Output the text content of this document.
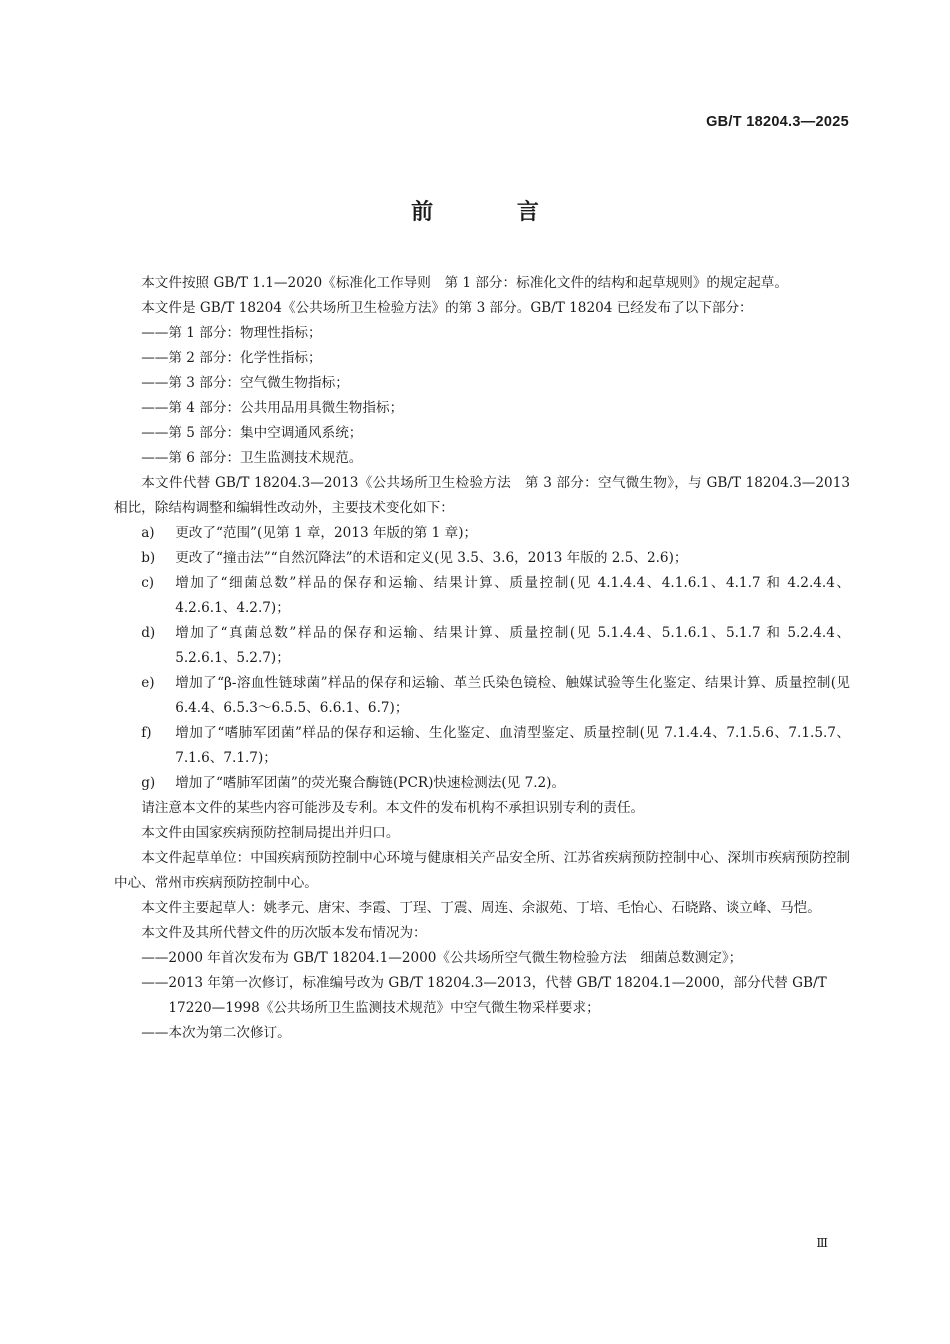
GB/T 18204.3—2025
前 言

本文件按照 GB/T 1.1—2020《标准化工作导则　第 1 部分：标准化文件的结构和起草规则》的规定起草。

本文件是 GB/T 18204《公共场所卫生检验方法》的第 3 部分。GB/T 18204 已经发布了以下部分：

——第 1 部分：物理性指标；

——第 2 部分：化学性指标；

——第 3 部分：空气微生物指标；

——第 4 部分：公共用品用具微生物指标；

——第 5 部分：集中空调通风系统；

——第 6 部分：卫生监测技术规范。

本文件代替 GB/T 18204.3—2013《公共场所卫生检验方法　第 3 部分：空气微生物》，与 GB/T 18204.3—2013 相比，除结构调整和编辑性改动外，主要技术变化如下：

a)	更改了“范围”(见第 1 章，2013 年版的第 1 章)；
b)	更改了“撞击法”“自然沉降法”的术语和定义(见 3.5、3.6，2013 年版的 2.5、2.6)；
c)	增加了“细菌总数”样品的保存和运输、结果计算、质量控制(见 4.1.4.4、4.1.6.1、4.1.7 和 4.2.4.4、4.2.6.1、4.2.7)；
d)	增加了“真菌总数”样品的保存和运输、结果计算、质量控制(见 5.1.4.4、5.1.6.1、5.1.7 和 5.2.4.4、5.2.6.1、5.2.7)；
e)	增加了“β-溶血性链球菌”样品的保存和运输、革兰氏染色镜检、触媒试验等生化鉴定、结果计算、质量控制(见 6.4.4、6.5.3～6.5.5、6.6.1、6.7)；
f)	增加了“嗜肺军团菌”样品的保存和运输、生化鉴定、血清型鉴定、质量控制(见 7.1.4.4、7.1.5.6、7.1.5.7、7.1.6、7.1.7)；
g)	增加了“嗜肺军团菌”的荧光聚合酶链(PCR)快速检测法(见 7.2)。

请注意本文件的某些内容可能涉及专利。本文件的发布机构不承担识别专利的责任。

本文件由国家疾病预防控制局提出并归口。

本文件起草单位：中国疾病预防控制中心环境与健康相关产品安全所、江苏省疾病预防控制中心、深圳市疾病预防控制中心、常州市疾病预防控制中心。

本文件主要起草人：姚孝元、唐宋、李霞、丁珵、丁震、周连、余淑苑、丁培、毛怡心、石晓路、谈立峰、马恺。

本文件及其所代替文件的历次版本发布情况为：

——2000 年首次发布为 GB/T 18204.1—2000《公共场所空气微生物检验方法　细菌总数测定》；

——2013 年第一次修订，标准编号改为 GB/T 18204.3—2013，代替 GB/T 18204.1—2000，部分代替 GB/T 17220—1998《公共场所卫生监测技术规范》中空气微生物采样要求；

——本次为第二次修订。

Ⅲ
